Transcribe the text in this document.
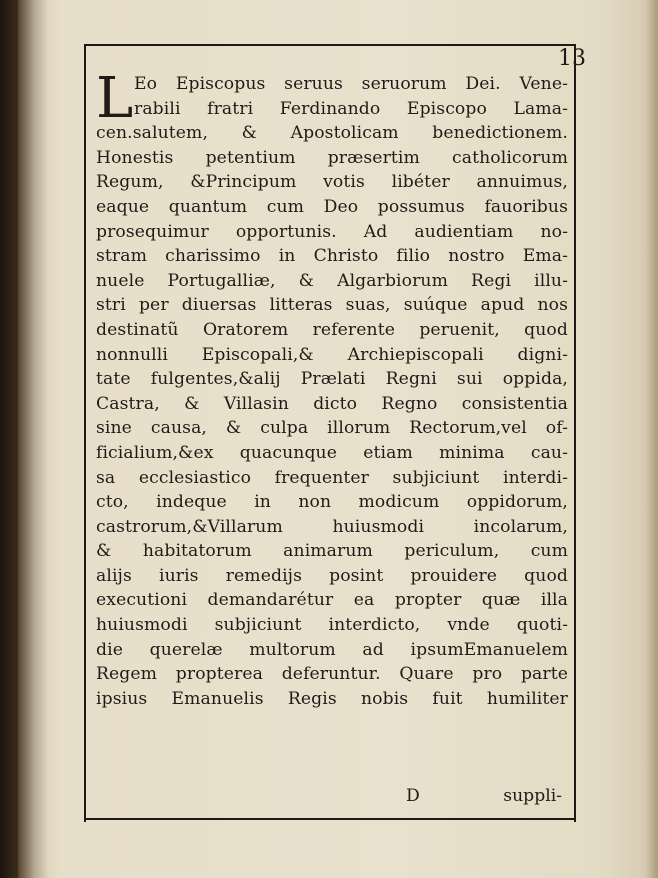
13
L Eo Episcopus seruus seruorum Dei. Vene-
rabili fratri Ferdinando Episcopo Lama-
cen.salutem, & Apostolicam benedictionem.
Honestis petentium præsertim catholicorum
Regum, &Principum votis libéter annuimus,
eaque quantum cum Deo possumus fauoribus
prosequimur opportunis. Ad audientiam no-
stram charissimo in Christo filio nostro Ema-
nuele Portugalliæ, & Algarbiorum Regi illu-
stri per diuersas litteras suas, suúque apud nos
destinatũ Oratorem referente peruenit, quod
nonnulli Episcopali,& Archiepiscopali digni-
tate fulgentes,&alij Prælati Regni sui oppida,
Castra, & Villasin dicto Regno consistentia
sine causa, & culpa illorum Rectorum,vel of-
ficialium,&ex quacunque etiam minima cau-
sa ecclesiastico frequenter subjiciunt interdi-
cto, indeque in non modicum oppidorum,
castrorum,&Villarum huiusmodi incolarum,
& habitatorum animarum periculum, cum
alijs iuris remedijs posint prouidere quod
executioni demandarétur ea propter quæ illa
huiusmodi subjiciunt interdicto, vnde quoti-
die querelæ multorum ad ipsumEmanuelem
Regem propterea deferuntur. Quare pro parte
ipsius Emanuelis Regis nobis fuit humiliter
D	suppli-
